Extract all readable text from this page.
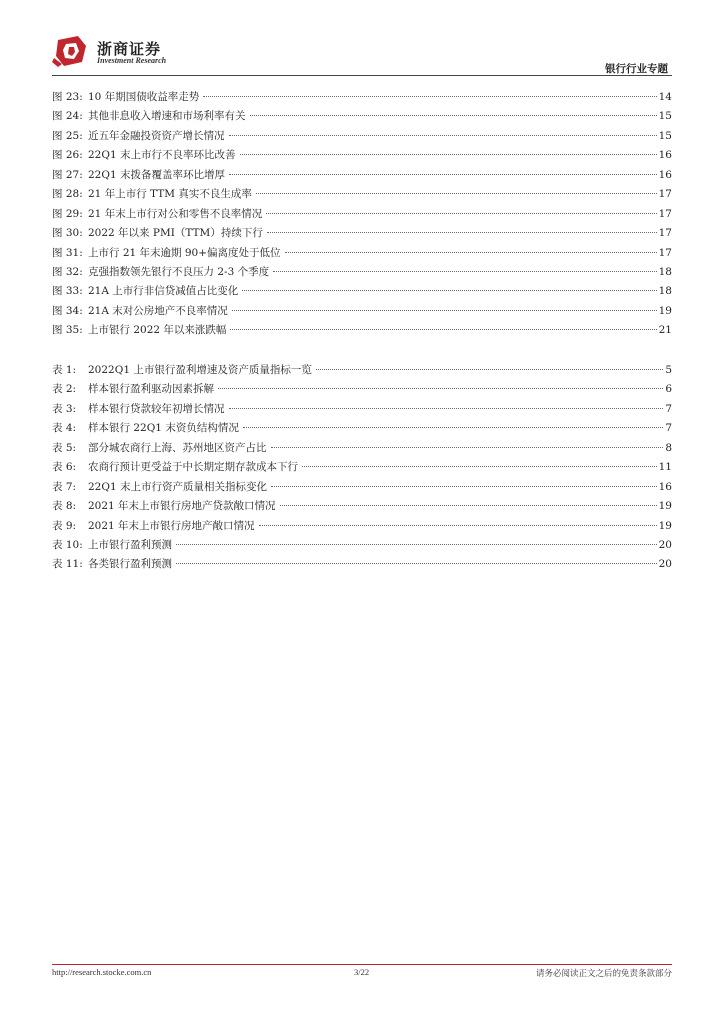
浙商证券
Investment Research
银行行业专题
图 23: 10 年期国债收益率走势	14
图 24: 其他非息收入增速和市场利率有关	15
图 25: 近五年金融投资资产增长情况	15
图 26: 22Q1 末上市行不良率环比改善	16
图 27: 22Q1 末拨备覆盖率环比增厚	16
图 28: 21 年上市行 TTM 真实不良生成率	17
图 29: 21 年末上市行对公和零售不良率情况	17
图 30: 2022 年以来 PMI（TTM）持续下行	17
图 31: 上市行 21 年末逾期 90+偏离度处于低位	17
图 32: 克强指数领先银行不良压力 2-3 个季度	18
图 33: 21A 上市行非信贷减值占比变化	18
图 34: 21A 末对公房地产不良率情况	19
图 35: 上市银行 2022 年以来涨跌幅	21
表 1:	2022Q1 上市银行盈利增速及资产质量指标一览	5
表 2:	样本银行盈利驱动因素拆解	6
表 3:	样本银行贷款较年初增长情况	7
表 4:	样本银行 22Q1 末资负结构情况	7
表 5:	部分城农商行上海、苏州地区资产占比	8
表 6:	农商行预计更受益于中长期定期存款成本下行	11
表 7:	22Q1 末上市行资产质量相关指标变化	16
表 8:	2021 年末上市银行房地产贷款敞口情况	19
表 9:	2021 年末上市银行房地产敞口情况	19
表 10: 上市银行盈利预测	20
表 11: 各类银行盈利预测	20
http://research.stocke.com.cn	3/22	请务必阅读正文之后的免责条款部分
